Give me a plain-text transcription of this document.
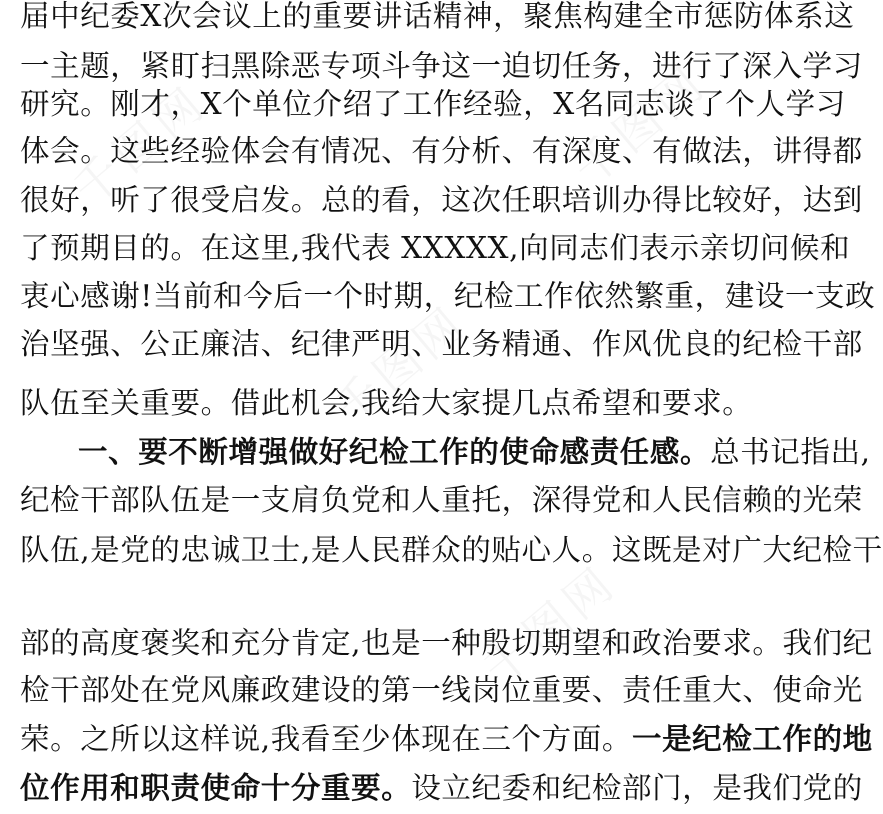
千图网
千图网
千图网
千图网
届中纪委X次会议上的重要讲话精神，聚焦构建全市惩防体系这
一主题，紧盯扫黑除恶专项斗争这一迫切任务，进行了深入学习
研究。刚才，X个单位介绍了工作经验，X名同志谈了个人学习
体会。这些经验体会有情况、有分析、有深度、有做法，讲得都
很好，听了很受启发。总的看，这次任职培训办得比较好，达到
了预期目的。在这里,我代表 XXXXX,向同志们表示亲切问候和
衷心感谢!当前和今后一个时期，纪检工作依然繁重，建设一支政
治坚强、公正廉洁、纪律严明、业务精通、作风优良的纪检干部
队伍至关重要。借此机会,我给大家提几点希望和要求。
一、要不断增强做好纪检工作的使命感责任感。总书记指出,
纪检干部队伍是一支肩负党和人重托，深得党和人民信赖的光荣
队伍,是党的忠诚卫士,是人民群众的贴心人。这既是对广大纪检干
部的高度褒奖和充分肯定,也是一种殷切期望和政治要求。我们纪
检干部处在党风廉政建设的第一线岗位重要、责任重大、使命光
荣。之所以这样说,我看至少体现在三个方面。一是纪检工作的地
位作用和职责使命十分重要。设立纪委和纪检部门，是我们党的
